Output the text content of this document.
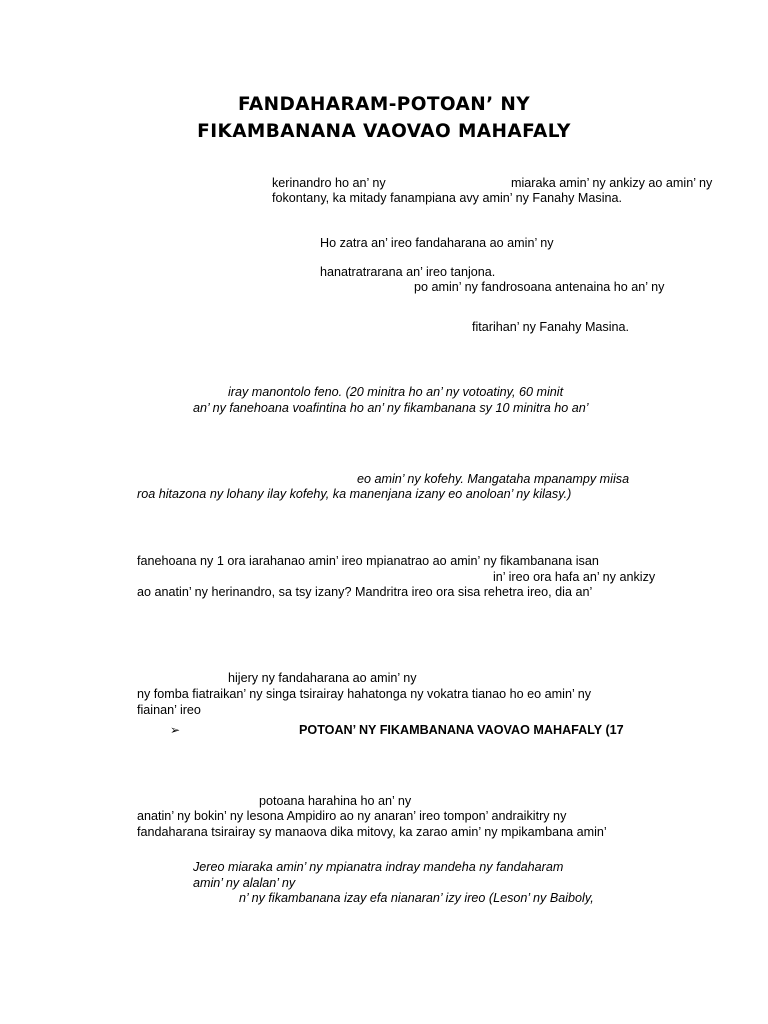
FANDAHARAM-POTOAN’ NY
FIKAMBANANA VAOVAO MAHAFALY
kerinandro ho an’ ny	miaraka amin’ ny ankizy ao amin’ ny
fokontany, ka mitady fanampiana avy amin’ ny Fanahy Masina.
Ho zatra an’ ireo fandaharana ao amin’ ny
hanatratrarana an’ ireo tanjona.
po amin’ ny fandrosoana antenaina ho an’ ny
fitarihan’ ny Fanahy Masina.
iray manontolo feno. (20 minitra ho an’ ny votoatiny, 60 minit
an’ ny fanehoana voafintina ho an’ ny fikambanana sy 10 minitra ho an’
eo amin’ ny kofehy. Mangataha mpanampy miisa
roa hitazona ny lohany ilay kofehy, ka manenjana izany eo anoloan’ ny kilasy.)
fanehoana ny 1 ora iarahanao amin’ ireo mpianatrao ao amin’ ny fikambanana isan
in’ ireo ora hafa an’ ny ankizy
ao anatin’ ny herinandro, sa tsy izany? Mandritra ireo ora sisa rehetra ireo, dia an’
hijery ny fandaharana ao amin’ ny
ny fomba fiatraikan’ ny singa tsirairay hahatonga ny vokatra tianao ho eo amin’ ny
fiainan’ ireo
➢	POTOAN’ NY FIKAMBANANA VAOVAO MAHAFALY (17
potoana harahina ho an’ ny
anatin’ ny bokin’ ny lesona Ampidiro ao ny anaran’ ireo tompon’ andraikitry ny
fandaharana tsirairay sy manaova dika mitovy, ka zarao amin’ ny mpikambana amin’
Jereo miaraka amin’ ny mpianatra indray mandeha ny fandaharam
amin’ ny alalan’ ny
n’ ny fikambanana izay efa nianaran’ izy ireo (Leson’ ny Baiboly,
